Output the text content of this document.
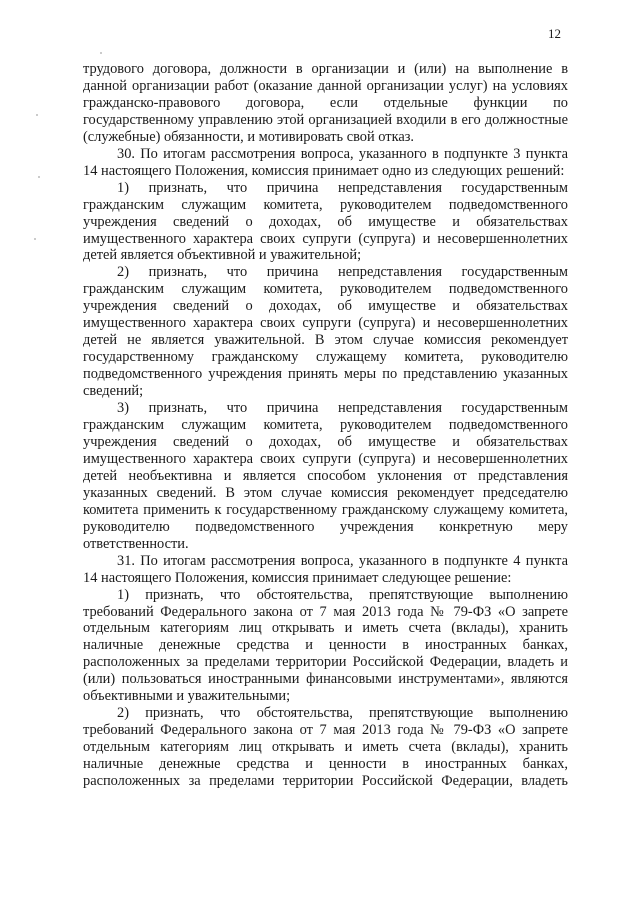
12

трудового договора, должности в организации и (или) на выполнение в данной организации работ (оказание данной организации услуг) на условиях гражданско-правового договора, если отдельные функции по государственному управлению этой организацией входили в его должностные (служебные) обязанности, и мотивировать свой отказ.

30. По итогам рассмотрения вопроса, указанного в подпункте 3 пункта 14 настоящего Положения, комиссия принимает одно из следующих решений:

1) признать, что причина непредставления государственным гражданским служащим комитета, руководителем подведомственного учреждения сведений о доходах, об имуществе и обязательствах имущественного характера своих супруги (супруга) и несовершеннолетних детей является объективной и уважительной;

2) признать, что причина непредставления государственным гражданским служащим комитета, руководителем подведомственного учреждения сведений о доходах, об имуществе и обязательствах имущественного характера своих супруги (супруга) и несовершеннолетних детей не является уважительной. В этом случае комиссия рекомендует государственному гражданскому служащему комитета, руководителю подведомственного учреждения принять меры по представлению указанных сведений;

3) признать, что причина непредставления государственным гражданским служащим комитета, руководителем подведомственного учреждения сведений о доходах, об имуществе и обязательствах имущественного характера своих супруги (супруга) и несовершеннолетних детей необъективна и является способом уклонения от представления указанных сведений. В этом случае комиссия рекомендует председателю комитета применить к государственному гражданскому служащему комитета, руководителю подведомственного учреждения конкретную меру ответственности.

31. По итогам рассмотрения вопроса, указанного в подпункте 4 пункта 14 настоящего Положения, комиссия принимает следующее решение:

1) признать, что обстоятельства, препятствующие выполнению требований Федерального закона от 7 мая 2013 года № 79-ФЗ «О запрете отдельным категориям лиц открывать и иметь счета (вклады), хранить наличные денежные средства и ценности в иностранных банках, расположенных за пределами территории Российской Федерации, владеть и (или) пользоваться иностранными финансовыми инструментами», являются объективными и уважительными;

2) признать, что обстоятельства, препятствующие выполнению требований Федерального закона от 7 мая 2013 года № 79-ФЗ «О запрете отдельным категориям лиц открывать и иметь счета (вклады), хранить наличные денежные средства и ценности в иностранных банках, расположенных за пределами территории Российской Федерации, владеть
